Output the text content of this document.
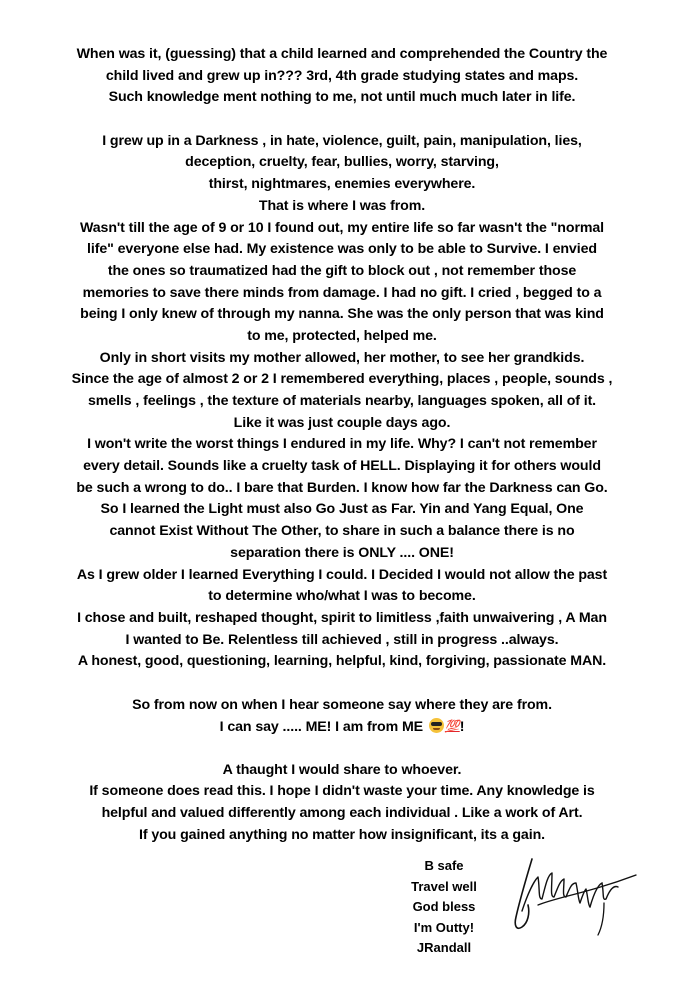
When was it, (guessing) that a child learned and comprehended the Country the
child lived and grew up in??? 3rd, 4th grade studying states and maps.
Such knowledge ment nothing to me, not until much much later in life.
I grew up in a Darkness , in hate, violence, guilt, pain, manipulation, lies,
deception, cruelty, fear, bullies, worry, starving,
thirst, nightmares, enemies everywhere.
That is where I was from.
Wasn't till the age of 9 or 10 I found out, my entire life so far wasn't the "normal
life" everyone else had. My existence was only to be able to Survive. I envied
the ones so traumatized had the gift to block out , not remember those
memories to save there minds from damage. I had no gift. I cried , begged to a
being I only knew of through my nanna. She was the only person that was kind
to me, protected, helped me.
Only in short visits my mother allowed, her mother, to see her grandkids.
Since the age of almost 2 or 2 I remembered everything, places , people, sounds ,
smells , feelings , the texture of materials nearby, languages spoken, all of it.
Like it was just couple days ago.
I won't write the worst things I endured in my life. Why? I can't not remember
every detail. Sounds like a cruelty task of HELL. Displaying it for others would
be such a wrong to do.. I bare that Burden. I know how far the Darkness can Go.
So I learned the Light must also Go Just as Far. Yin and Yang Equal, One
cannot Exist Without The Other, to share in such a balance there is no
separation there is ONLY .... ONE!
As I grew older I learned Everything I could. I Decided I would not allow the past
to determine who/what I was to become.
I chose and built, reshaped thought, spirit to limitless ,faith unwaivering , A Man
I wanted to Be. Relentless till achieved , still in progress ..always.
A honest, good, questioning, learning, helpful, kind, forgiving, passionate MAN.
So from now on when I hear someone say where they are from.
I can say ..... ME! I am from ME 💯!
A thaught I would share to whoever.
If someone does read this. I hope I didn't waste your time. Any knowledge is
helpful and valued differently among each individual . Like a work of Art.
If you gained anything no matter how insignificant, its a gain.
B safe
Travel well
God bless
I'm Outty!
JRandall
